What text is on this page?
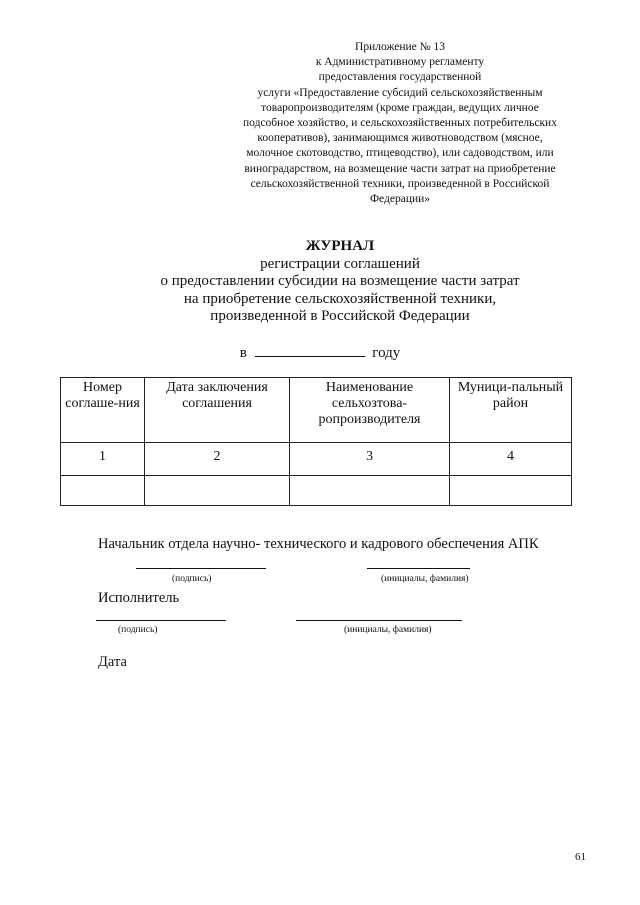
Приложение № 13
к Административному регламенту
предоставления государственной
услуги «Предоставление субсидий сельскохозяйственным
товаропроизводителям (кроме граждан, ведущих личное
подсобное хозяйство, и сельскохозяйственных потребительских
кооперативов), занимающимся животноводством (мясное,
молочное скотоводство, птицеводство), или садоводством, или
виноградарством, на возмещение части затрат на приобретение
сельскохозяйственной техники, произведенной в Российской
Федерации»
ЖУРНАЛ
регистрации соглашений
о предоставлении субсидии на возмещение части затрат
на приобретение сельскохозяйственной техники,
произведенной в Российской Федерации
в	году
Номер соглаше-ния	Дата заключения соглашения	Наименование сельхозтова-ропроизводителя	Муници-пальный район
1	2	3	4

Начальник отдела научно- технического и кадрового обеспечения АПК
(подпись)	(инициалы, фамилия)
Исполнитель
(подпись)	(инициалы, фамилия)
Дата
61
